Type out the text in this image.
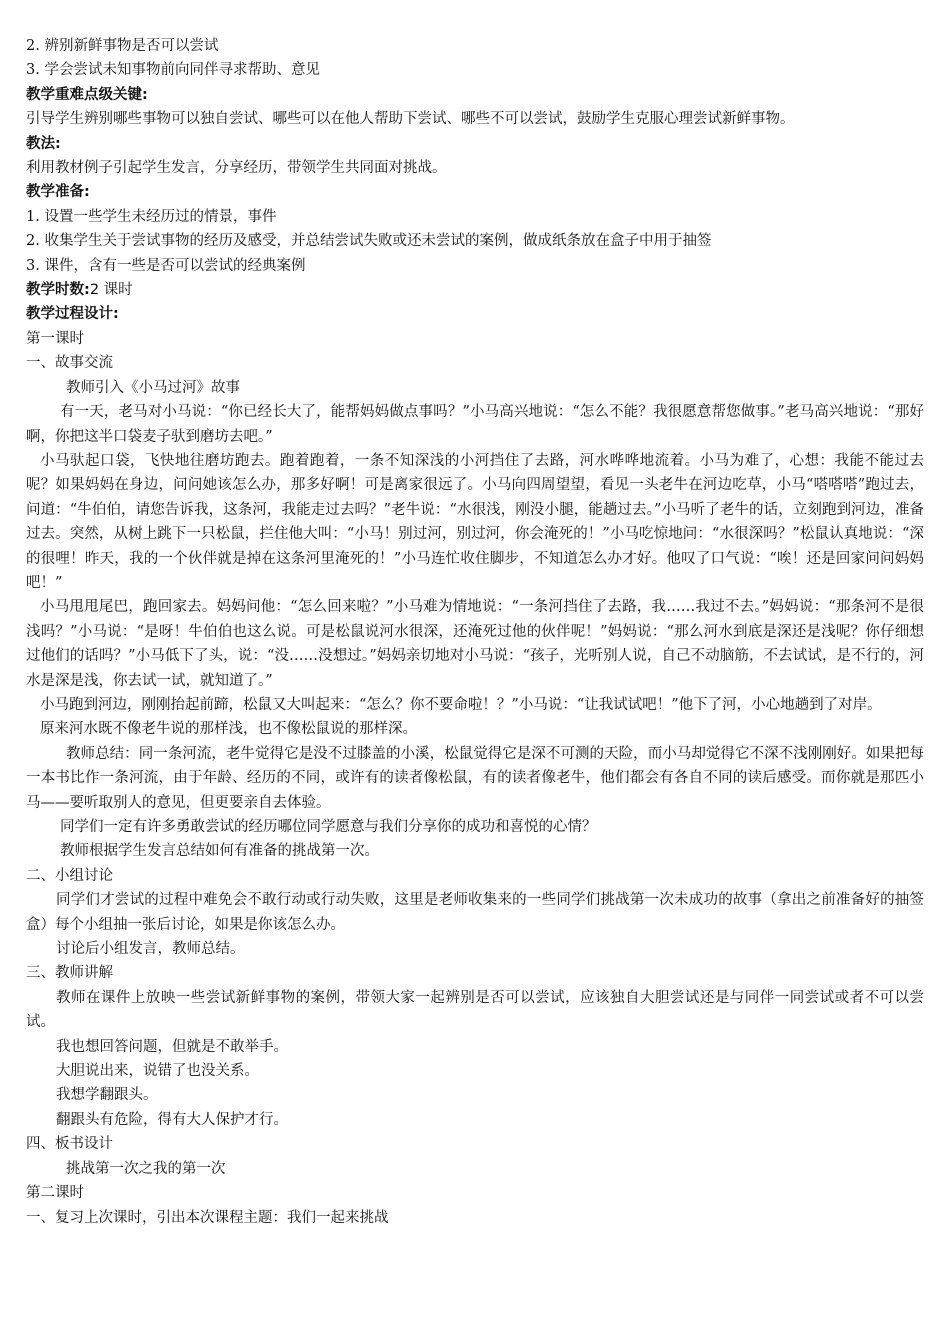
2. 辨别新鲜事物是否可以尝试

3. 学会尝试未知事物前向同伴寻求帮助、意见

教学重难点级关键:

引导学生辨别哪些事物可以独自尝试、哪些可以在他人帮助下尝试、哪些不可以尝试，鼓励学生克服心理尝试新鲜事物。

教法:

利用教材例子引起学生发言，分享经历，带领学生共同面对挑战。

教学准备:

1. 设置一些学生未经历过的情景，事件

2. 收集学生关于尝试事物的经历及感受，并总结尝试失败或还未尝试的案例，做成纸条放在盒子中用于抽签

3. 课件，含有一些是否可以尝试的经典案例

教学时数:2 课时

教学过程设计:

第一课时

一、故事交流

教师引入《小马过河》故事

有一天，老马对小马说：“你已经长大了，能帮妈妈做点事吗？”小马高兴地说：“怎么不能？我很愿意帮您做事。”老马高兴地说：“那好啊，你把这半口袋麦子驮到磨坊去吧。”

小马驮起口袋，飞快地往磨坊跑去。跑着跑着，一条不知深浅的小河挡住了去路，河水哗哗地流着。小马为难了，心想：我能不能过去呢？如果妈妈在身边，问问她该怎么办，那多好啊！可是离家很远了。小马向四周望望，看见一头老牛在河边吃草，小马“嗒嗒嗒”跑过去，问道：“牛伯伯，请您告诉我，这条河，我能走过去吗？”老牛说：“水很浅，刚没小腿，能趟过去。”小马听了老牛的话，立刻跑到河边，准备过去。突然，从树上跳下一只松鼠，拦住他大叫：“小马！别过河，别过河，你会淹死的！”小马吃惊地问：“水很深吗？”松鼠认真地说：“深的很哩！昨天，我的一个伙伴就是掉在这条河里淹死的！”小马连忙收住脚步，不知道怎么办才好。他叹了口气说：“唉！还是回家问问妈妈吧！”

小马甩甩尾巴，跑回家去。妈妈问他：“怎么回来啦？”小马难为情地说：“一条河挡住了去路，我……我过不去。”妈妈说：“那条河不是很浅吗？”小马说：“是呀！牛伯伯也这么说。可是松鼠说河水很深，还淹死过他的伙伴呢！”妈妈说：“那么河水到底是深还是浅呢？你仔细想过他们的话吗？”小马低下了头，说：“没……没想过。”妈妈亲切地对小马说：“孩子，光听别人说，自己不动脑筋，不去试试，是不行的，河水是深是浅，你去试一试，就知道了。”

小马跑到河边，刚刚抬起前蹄，松鼠又大叫起来：“怎么？你不要命啦！？”小马说：“让我试试吧！”他下了河，小心地趟到了对岸。

原来河水既不像老牛说的那样浅，也不像松鼠说的那样深。

教师总结：同一条河流，老牛觉得它是没不过膝盖的小溪，松鼠觉得它是深不可测的天险，而小马却觉得它不深不浅刚刚好。如果把每一本书比作一条河流，由于年龄、经历的不同，或许有的读者像松鼠，有的读者像老牛，他们都会有各自不同的读后感受。而你就是那匹小马——要听取别人的意见，但更要亲自去体验。

同学们一定有许多勇敢尝试的经历哪位同学愿意与我们分享你的成功和喜悦的心情？

教师根据学生发言总结如何有准备的挑战第一次。

二、小组讨论

同学们才尝试的过程中难免会不敢行动或行动失败，这里是老师收集来的一些同学们挑战第一次未成功的故事（拿出之前准备好的抽签盒）每个小组抽一张后讨论，如果是你该怎么办。

讨论后小组发言，教师总结。

三、教师讲解

教师在课件上放映一些尝试新鲜事物的案例，带领大家一起辨别是否可以尝试，应该独自大胆尝试还是与同伴一同尝试或者不可以尝试。

我也想回答问题，但就是不敢举手。

大胆说出来，说错了也没关系。

我想学翻跟头。

翻跟头有危险，得有大人保护才行。

四、板书设计

挑战第一次之我的第一次

第二课时

一、复习上次课时，引出本次课程主题：我们一起来挑战
